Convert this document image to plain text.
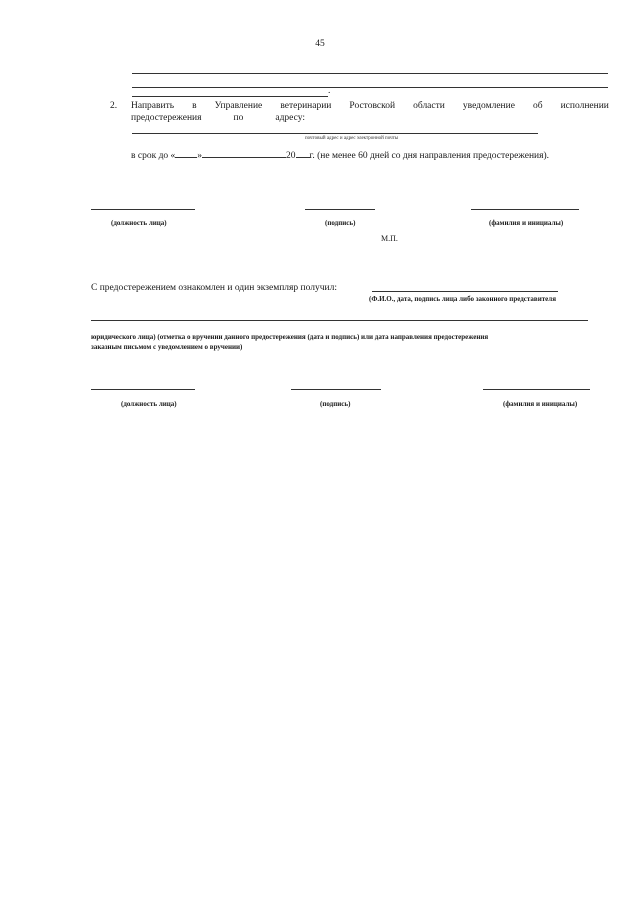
45
.
2. Направить в Управление ветеринарии Ростовской области уведомление об исполнении
предостережения	по	адресу:
почтовый адрес и адрес электронной почты
в срок до « »	20 г. (не менее 60 дней со дня направления предостережения).
(должность лица)	(подпись)	(фамилия и инициалы)
М.П.
С предостережением ознакомлен и один экземпляр получил:
(Ф.И.О., дата, подпись лица либо законного представителя
юридического лица) (отметка о вручении данного предостережения (дата и подпись) или дата направления предостережения
заказным письмом с уведомлением о вручении)
(должность лица)	(подпись)	(фамилия и инициалы)
